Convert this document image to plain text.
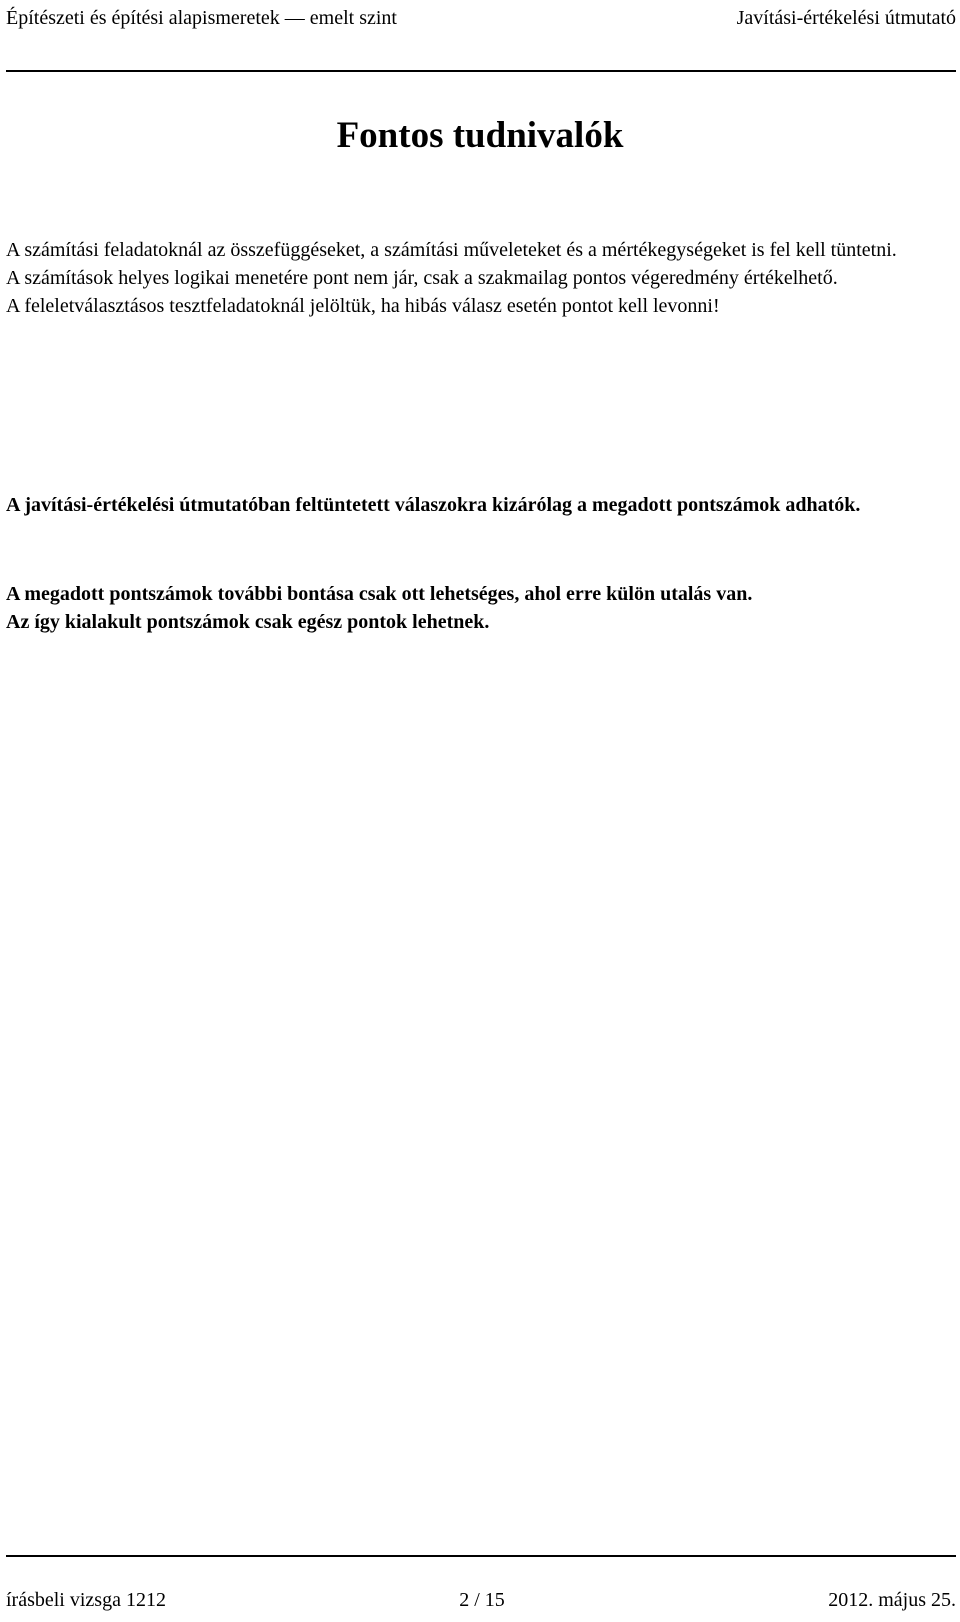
Építészeti és építési alapismeretek — emelt szint	Javítási-értékelési útmutató
Fontos tudnivalók

A számítási feladatoknál az összefüggéseket, a számítási műveleteket és a mértékegységeket is fel kell tüntetni.

A számítások helyes logikai menetére pont nem jár, csak a szakmailag pontos végeredmény értékelhető.

A feleletválasztásos tesztfeladatoknál jelöltük, ha hibás válasz esetén pontot kell levonni!

A javítási-értékelési útmutatóban feltüntetett válaszokra kizárólag a megadott pontszámok adhatók.

A megadott pontszámok további bontása csak ott lehetséges, ahol erre külön utalás van.

Az így kialakult pontszámok csak egész pontok lehetnek.

írásbeli vizsga 1212	2 / 15	2012. május 25.
